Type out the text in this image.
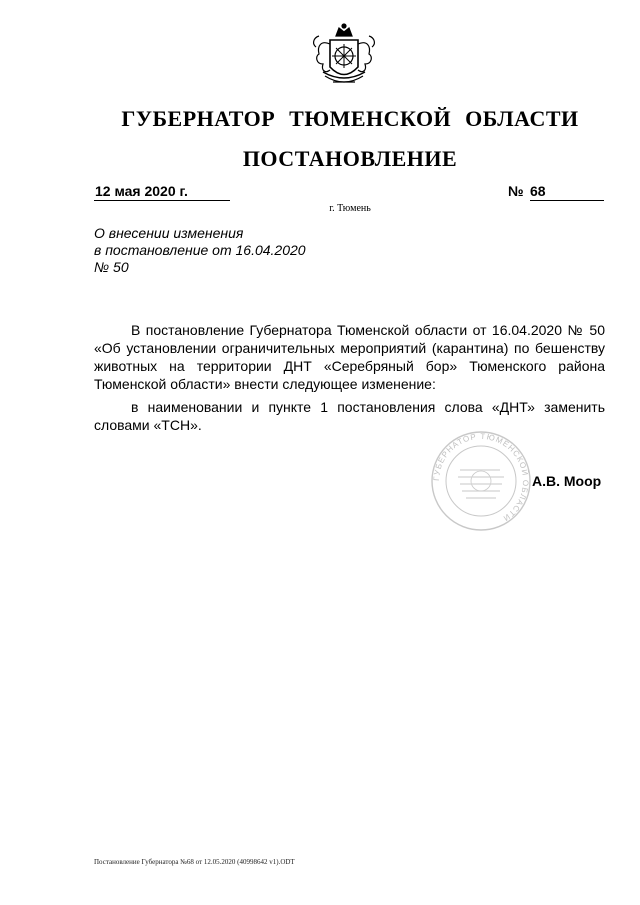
ГУБЕРНАТОР ТЮМЕНСКОЙ ОБЛАСТИ
ПОСТАНОВЛЕНИЕ
12 мая 2020 г.	№ 68
г. Тюмень
О внесении изменения
в постановление от 16.04.2020
№ 50

В постановление Губернатора Тюменской области от 16.04.2020 № 50 «Об установлении ограничительных мероприятий (карантина) по бешенству животных на территории ДНТ «Серебряный бор» Тюменского района Тюменской области» внести следующее изменение:

в наименовании и пункте 1 постановления слова «ДНТ» заменить словами «ТСН».

ГУБЕРНАТОР ТЮМЕНСКОЙ ОБЛАСТИ
А.В. Моор
Постановление Губернатора №68 от 12.05.2020 (40998642 v1).ODT
